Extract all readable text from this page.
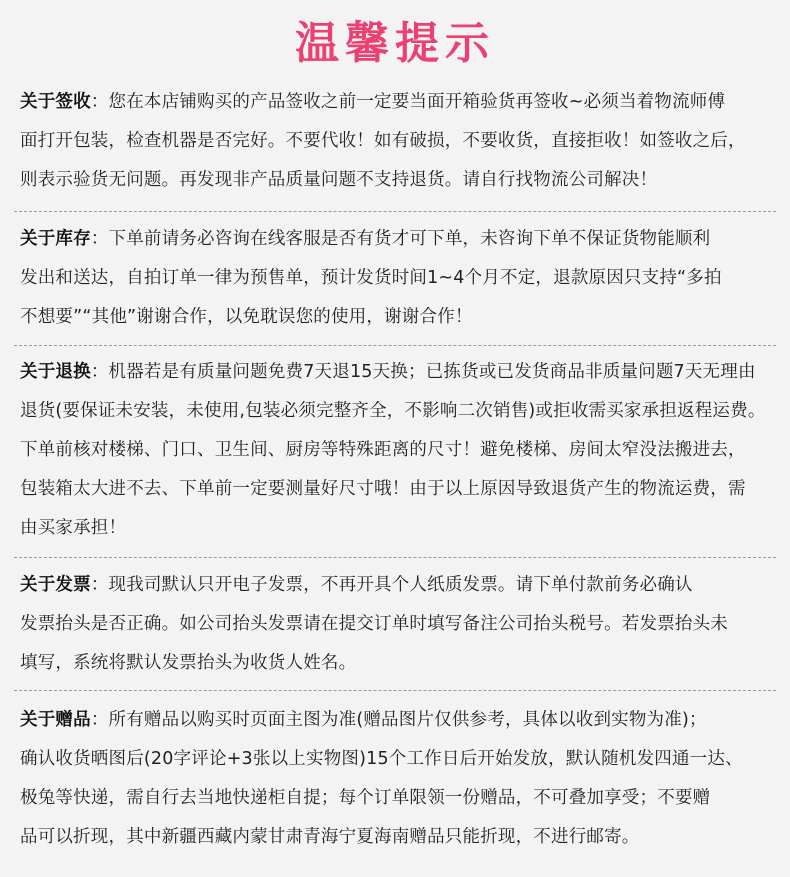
温馨提示
关于签收：您在本店铺购买的产品签收之前一定要当面开箱验货再签收~必须当着物流师傅
面打开包装，检查机器是否完好。不要代收！如有破损，不要收货，直接拒收！如签收之后，
则表示验货无问题。再发现非产品质量问题不支持退货。请自行找物流公司解决！
关于库存：下单前请务必咨询在线客服是否有货才可下单，未咨询下单不保证货物能顺利
发出和送达，自拍订单一律为预售单，预计发货时间1~4个月不定，退款原因只支持“多拍
不想要”“其他”谢谢合作，以免耽误您的使用，谢谢合作！
关于退换：机器若是有质量问题免费7天退15天换；已拣货或已发货商品非质量问题7天无理由
退货(要保证未安装，未使用,包装必须完整齐全，不影响二次销售)或拒收需买家承担返程运费。
下单前核对楼梯、门口、卫生间、厨房等特殊距离的尺寸！避免楼梯、房间太窄没法搬进去，
包装箱太大进不去、下单前一定要测量好尺寸哦！由于以上原因导致退货产生的物流运费，需
由买家承担！
关于发票：现我司默认只开电子发票，不再开具个人纸质发票。请下单付款前务必确认
发票抬头是否正确。如公司抬头发票请在提交订单时填写备注公司抬头税号。若发票抬头未
填写，系统将默认发票抬头为收货人姓名。
关于赠品：所有赠品以购买时页面主图为准(赠品图片仅供参考，具体以收到实物为准)；
确认收货晒图后(20字评论+3张以上实物图)15个工作日后开始发放，默认随机发四通一达、
极兔等快递，需自行去当地快递柜自提；每个订单限领一份赠品，不可叠加享受；不要赠
品可以折现，其中新疆西藏内蒙甘肃青海宁夏海南赠品只能折现，不进行邮寄。
